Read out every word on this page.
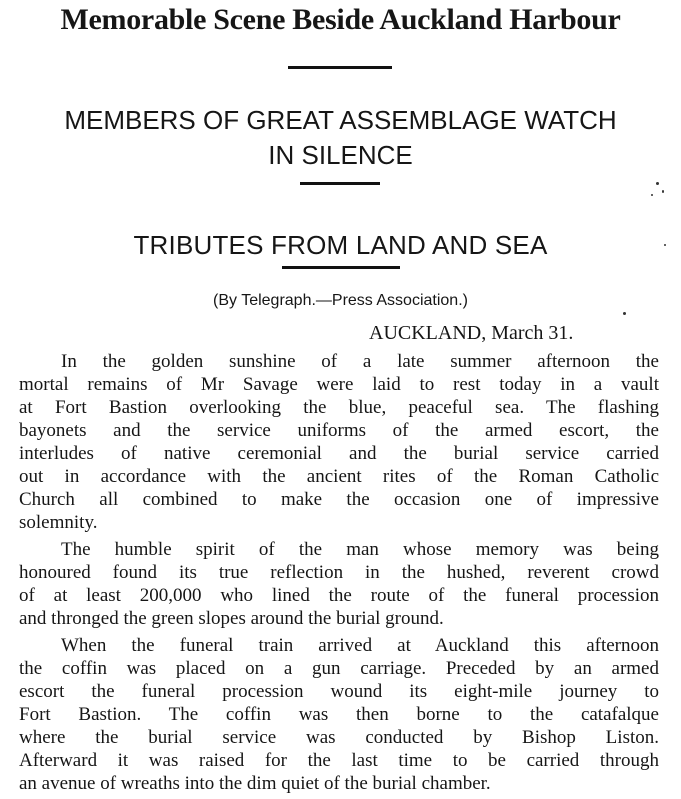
Memorable Scene Beside Auckland Harbour
MEMBERS OF GREAT ASSEMBLAGE WATCH
IN SILENCE
TRIBUTES FROM LAND AND SEA
(By Telegraph.—Press Association.)
AUCKLAND, March 31.
In the golden sunshine of a late summer afternoon the
mortal remains of Mr Savage were laid to rest today in a vault
at Fort Bastion overlooking the blue, peaceful sea. The flashing
bayonets and the service uniforms of the armed escort, the
interludes of native ceremonial and the burial service carried
out in accordance with the ancient rites of the Roman Catholic
Church all combined to make the occasion one of impressive
solemnity.
The humble spirit of the man whose memory was being
honoured found its true reflection in the hushed, reverent crowd
of at least 200,000 who lined the route of the funeral procession
and thronged the green slopes around the burial ground.
When the funeral train arrived at Auckland this afternoon
the coffin was placed on a gun carriage. Preceded by an armed
escort the funeral procession wound its eight-mile journey to
Fort Bastion. The coffin was then borne to the catafalque
where the burial service was conducted by Bishop Liston.
Afterward it was raised for the last time to be carried through
an avenue of wreaths into the dim quiet of the burial chamber.
